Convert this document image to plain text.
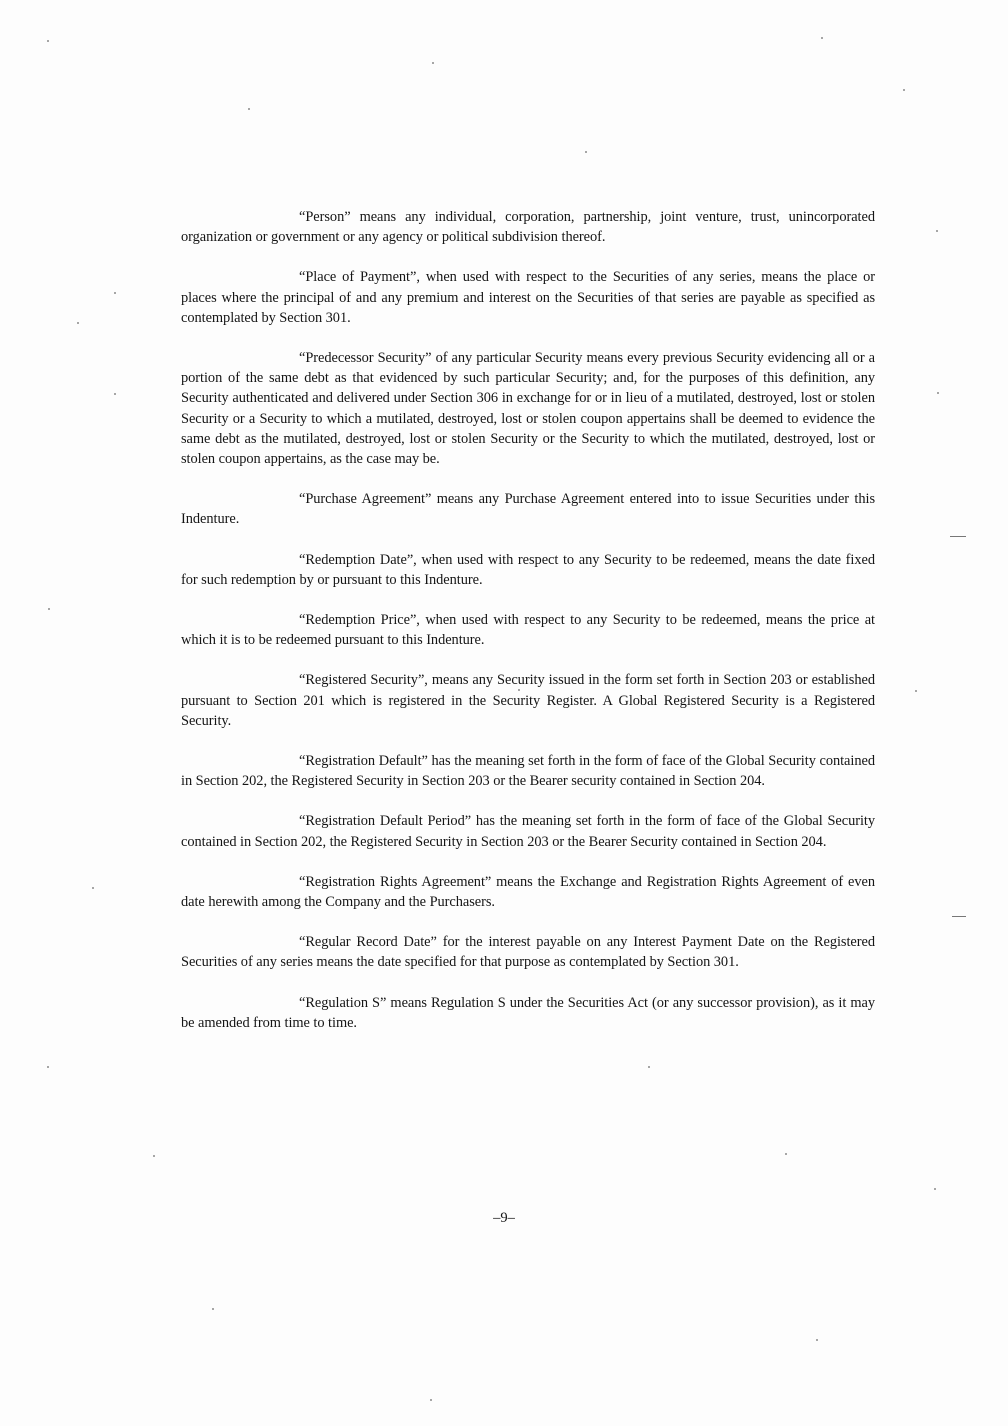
“Person” means any individual, corporation, partnership, joint venture, trust, unincorporated organization or government or any agency or political subdivision thereof.

“Place of Payment”, when used with respect to the Securities of any series, means the place or places where the principal of and any premium and interest on the Securities of that series are payable as specified as contemplated by Section 301.

“Predecessor Security” of any particular Security means every previous Security evidencing all or a portion of the same debt as that evidenced by such particular Security; and, for the purposes of this definition, any Security authenticated and delivered under Section 306 in exchange for or in lieu of a mutilated, destroyed, lost or stolen Security or a Security to which a mutilated, destroyed, lost or stolen coupon appertains shall be deemed to evidence the same debt as the mutilated, destroyed, lost or stolen Security or the Security to which the mutilated, destroyed, lost or stolen coupon appertains, as the case may be.

“Purchase Agreement” means any Purchase Agreement entered into to issue Securities under this Indenture.

“Redemption Date”, when used with respect to any Security to be redeemed, means the date fixed for such redemption by or pursuant to this Indenture.

“Redemption Price”, when used with respect to any Security to be redeemed, means the price at which it is to be redeemed pursuant to this Indenture.

“Registered Security”, means any Security issued in the form set forth in Section 203 or established pursuant to Section 201 which is registered in the Security Register. A Global Registered Security is a Registered Security.

“Registration Default” has the meaning set forth in the form of face of the Global Security contained in Section 202, the Registered Security in Section 203 or the Bearer security contained in Section 204.

“Registration Default Period” has the meaning set forth in the form of face of the Global Security contained in Section 202, the Registered Security in Section 203 or the Bearer Security contained in Section 204.

“Registration Rights Agreement” means the Exchange and Registration Rights Agreement of even date herewith among the Company and the Purchasers.

“Regular Record Date” for the interest payable on any Interest Payment Date on the Registered Securities of any series means the date specified for that purpose as contemplated by Section 301.

“Regulation S” means Regulation S under the Securities Act (or any successor provision), as it may be amended from time to time.

–9–
